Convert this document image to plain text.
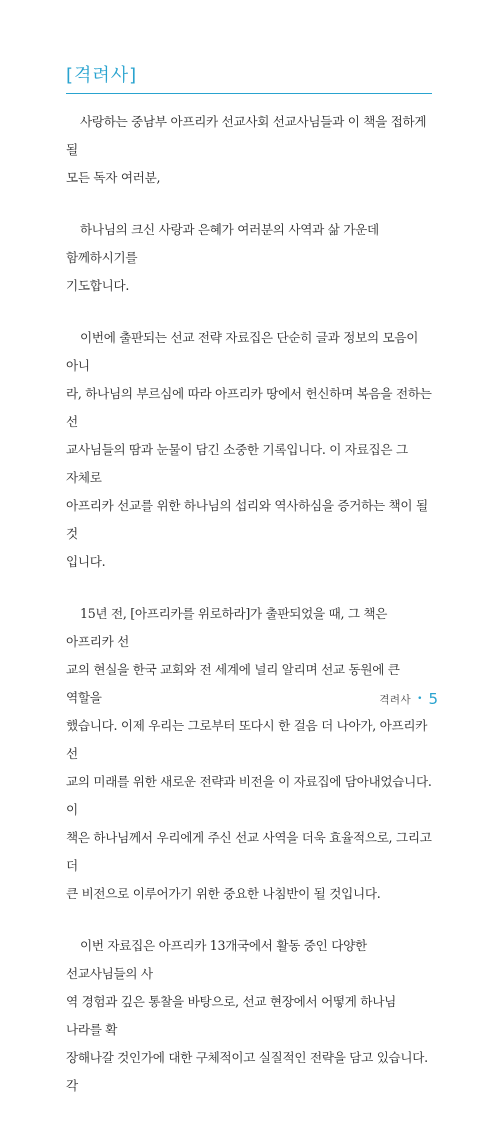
[격려사]

사랑하는 중남부 아프리카 선교사회 선교사님들과 이 책을 접하게 될
모든 독자 여러분,

하나님의 크신 사랑과 은혜가 여러분의 사역과 삶 가운데 함께하시기를
기도합니다.

이번에 출판되는 선교 전략 자료집은 단순히 글과 정보의 모음이 아니
라, 하나님의 부르심에 따라 아프리카 땅에서 헌신하며 복음을 전하는 선
교사님들의 땀과 눈물이 담긴 소중한 기록입니다. 이 자료집은 그 자체로
아프리카 선교를 위한 하나님의 섭리와 역사하심을 증거하는 책이 될 것
입니다.

15년 전, [아프리카를 위로하라]가 출판되었을 때, 그 책은 아프리카 선
교의 현실을 한국 교회와 전 세계에 널리 알리며 선교 동원에 큰 역할을
했습니다. 이제 우리는 그로부터 또다시 한 걸음 더 나아가, 아프리카 선
교의 미래를 위한 새로운 전략과 비전을 이 자료집에 담아내었습니다. 이
책은 하나님께서 우리에게 주신 선교 사역을 더욱 효율적으로, 그리고 더
큰 비전으로 이루어가기 위한 중요한 나침반이 될 것입니다.

이번 자료집은 아프리카 13개국에서 활동 중인 다양한 선교사님들의 사
역 경험과 깊은 통찰을 바탕으로, 선교 현장에서 어떻게 하나님 나라를 확
장해나갈 것인가에 대한 구체적이고 실질적인 전략을 담고 있습니다. 각

격려사 • 5
